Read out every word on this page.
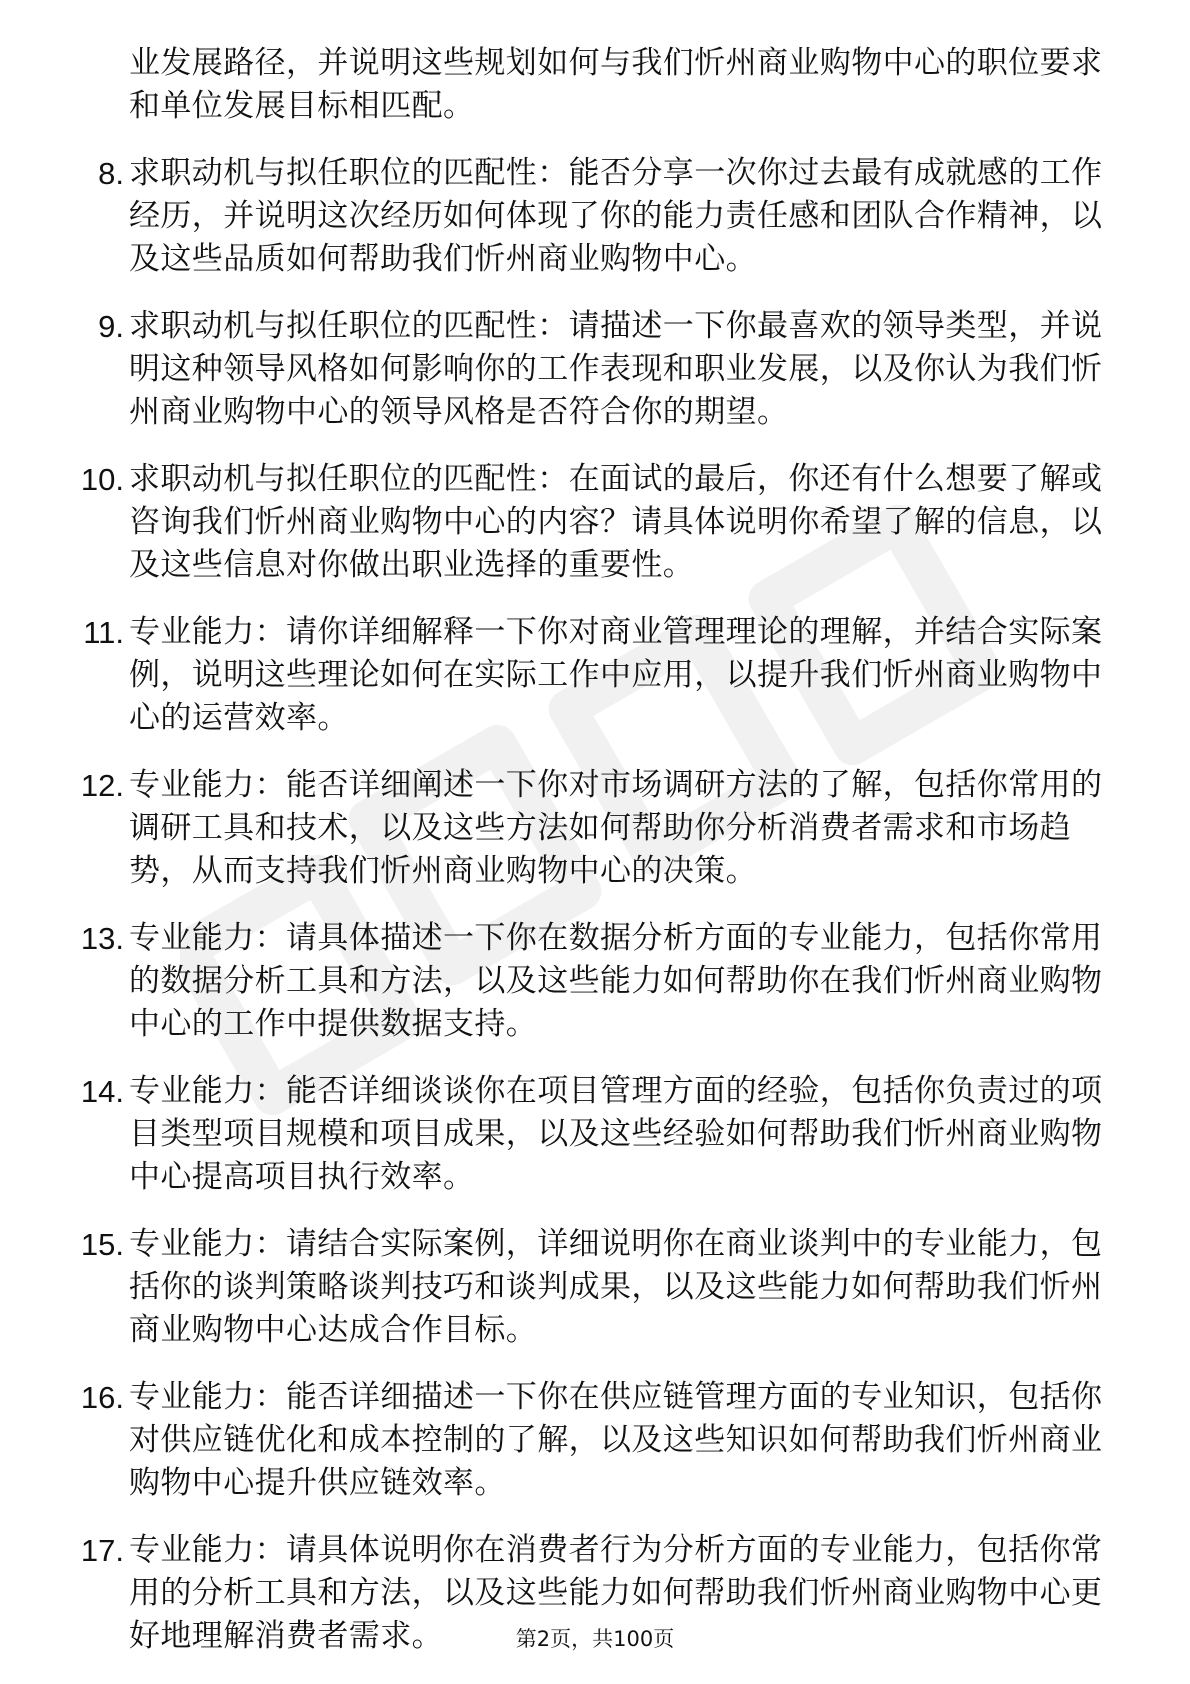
业发展路径，并说明这些规划如何与我们忻州商业购物中心的职位要求和单位发展目标相匹配。
8. 求职动机与拟任职位的匹配性：能否分享一次你过去最有成就感的工作经历，并说明这次经历如何体现了你的能力责任感和团队合作精神，以及这些品质如何帮助我们忻州商业购物中心。
9. 求职动机与拟任职位的匹配性：请描述一下你最喜欢的领导类型，并说明这种领导风格如何影响你的工作表现和职业发展，以及你认为我们忻州商业购物中心的领导风格是否符合你的期望。
10. 求职动机与拟任职位的匹配性：在面试的最后，你还有什么想要了解或咨询我们忻州商业购物中心的内容？请具体说明你希望了解的信息，以及这些信息对你做出职业选择的重要性。
11. 专业能力：请你详细解释一下你对商业管理理论的理解，并结合实际案例，说明这些理论如何在实际工作中应用，以提升我们忻州商业购物中心的运营效率。
12. 专业能力：能否详细阐述一下你对市场调研方法的了解，包括你常用的调研工具和技术，以及这些方法如何帮助你分析消费者需求和市场趋势，从而支持我们忻州商业购物中心的决策。
13. 专业能力：请具体描述一下你在数据分析方面的专业能力，包括你常用的数据分析工具和方法，以及这些能力如何帮助你在我们忻州商业购物中心的工作中提供数据支持。
14. 专业能力：能否详细谈谈你在项目管理方面的经验，包括你负责过的项目类型项目规模和项目成果，以及这些经验如何帮助我们忻州商业购物中心提高项目执行效率。
15. 专业能力：请结合实际案例，详细说明你在商业谈判中的专业能力，包括你的谈判策略谈判技巧和谈判成果，以及这些能力如何帮助我们忻州商业购物中心达成合作目标。
16. 专业能力：能否详细描述一下你在供应链管理方面的专业知识，包括你对供应链优化和成本控制的了解，以及这些知识如何帮助我们忻州商业购物中心提升供应链效率。
17. 专业能力：请具体说明你在消费者行为分析方面的专业能力，包括你常用的分析工具和方法，以及这些能力如何帮助我们忻州商业购物中心更好地理解消费者需求。	第2页，共100页
